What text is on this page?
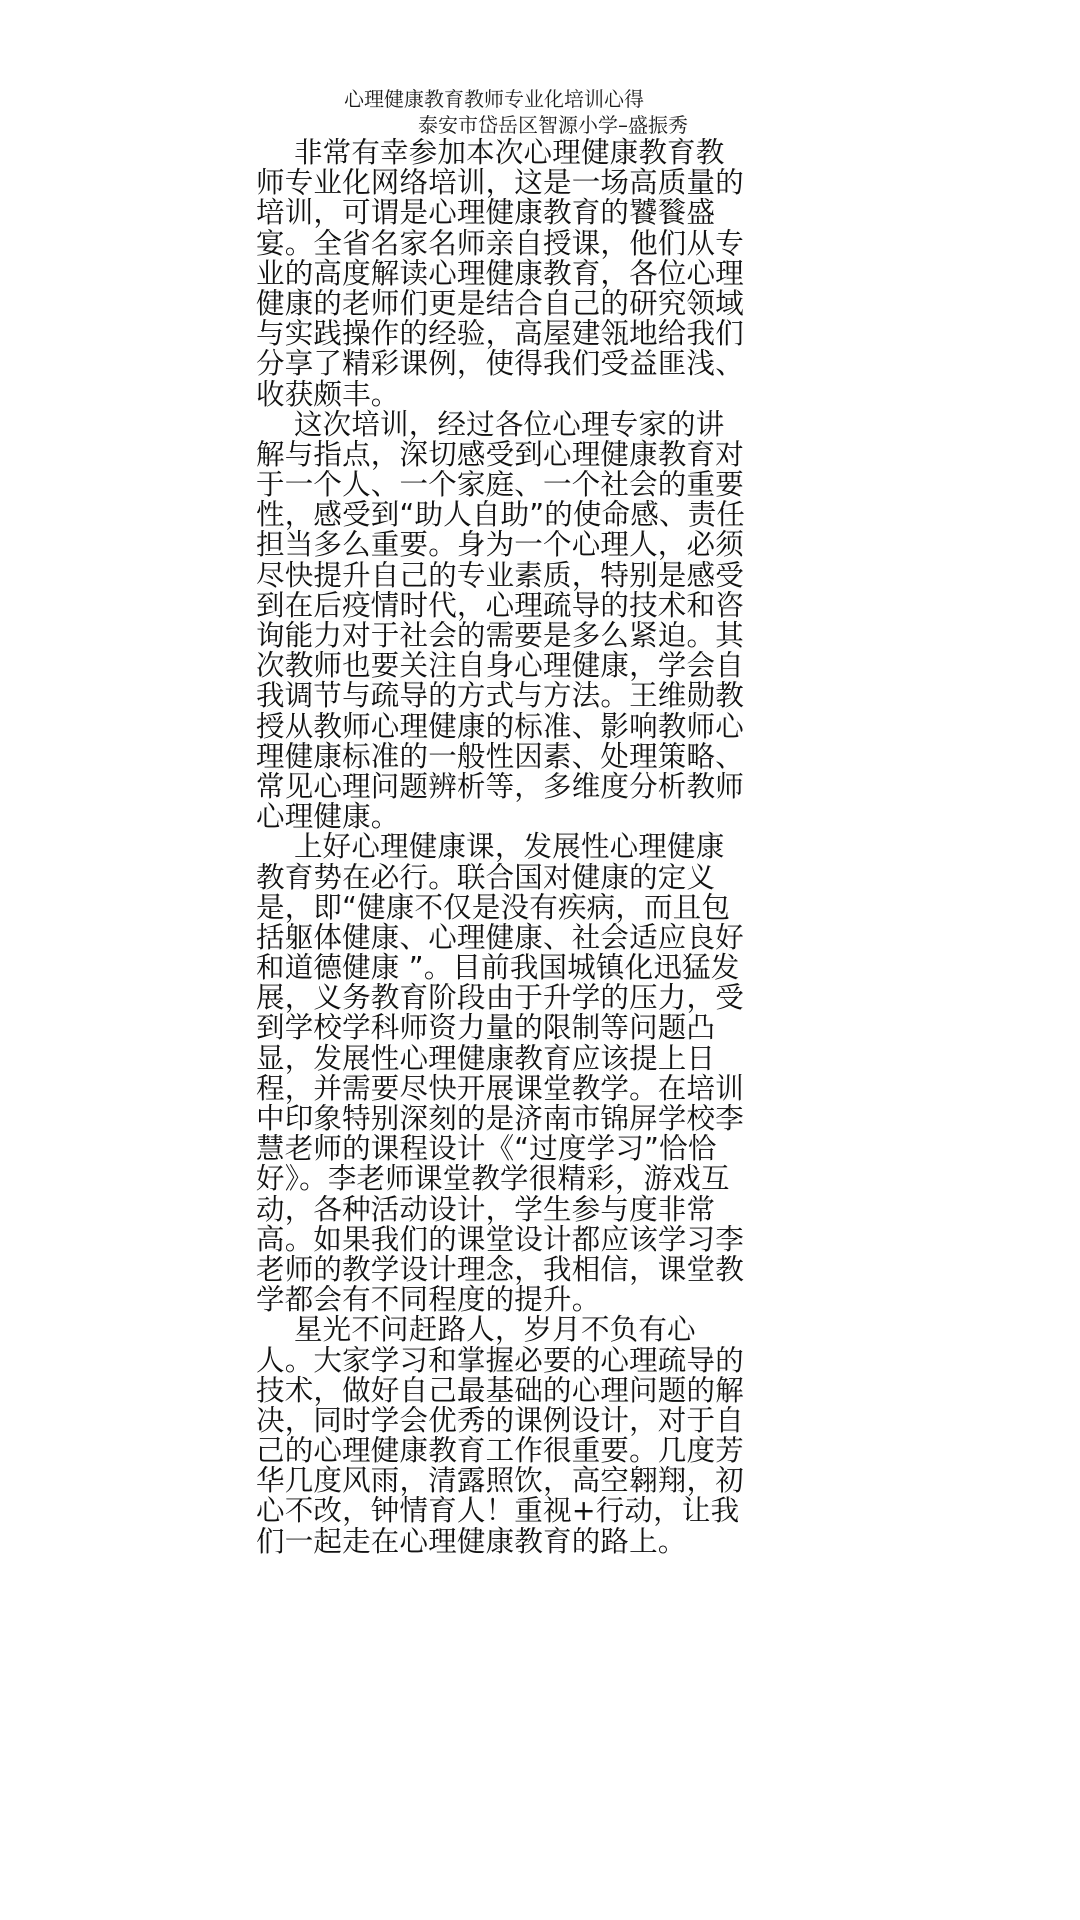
心理健康教育教师专业化培训心得
泰安市岱岳区智源小学–盛振秀
　 非常有幸参加本次心理健康教育教
师专业化网络培训，这是一场高质量的
培训，可谓是心理健康教育的饕餮盛
宴。全省名家名师亲自授课，他们从专
业的高度解读心理健康教育，各位心理
健康的老师们更是结合自己的研究领域
与实践操作的经验，高屋建瓴地给我们
分享了精彩课例，使得我们受益匪浅、
收获颇丰。
　 这次培训，经过各位心理专家的讲
解与指点，深切感受到心理健康教育对
于一个人、一个家庭、一个社会的重要
性，感受到“助人自助”的使命感、责任
担当多么重要。身为一个心理人，必须
尽快提升自己的专业素质，特别是感受
到在后疫情时代，心理疏导的技术和咨
询能力对于社会的需要是多么紧迫。其
次教师也要关注自身心理健康，学会自
我调节与疏导的方式与方法。王维勋教
授从教师心理健康的标准、影响教师心
理健康标准的一般性因素、处理策略、
常见心理问题辨析等，多维度分析教师
心理健康。
　 上好心理健康课，发展性心理健康
教育势在必行。联合国对健康的定义
是，即“健康不仅是没有疾病，而且包
括躯体健康、心理健康、社会适应良好
和道德健康 ”。目前我国城镇化迅猛发
展，义务教育阶段由于升学的压力，受
到学校学科师资力量的限制等问题凸
显，发展性心理健康教育应该提上日
程，并需要尽快开展课堂教学。在培训
中印象特别深刻的是济南市锦屏学校李
慧老师的课程设计《“过度学习”恰恰
好》。李老师课堂教学很精彩，游戏互
动，各种活动设计，学生参与度非常
高。如果我们的课堂设计都应该学习李
老师的教学设计理念，我相信，课堂教
学都会有不同程度的提升。
　 星光不问赶路人，岁月不负有心
人。大家学习和掌握必要的心理疏导的
技术，做好自己最基础的心理问题的解
决，同时学会优秀的课例设计，对于自
己的心理健康教育工作很重要。几度芳
华几度风雨，清露照饮，高空翱翔，初
心不改，钟情育人！重视+行动，让我
们一起走在心理健康教育的路上。
